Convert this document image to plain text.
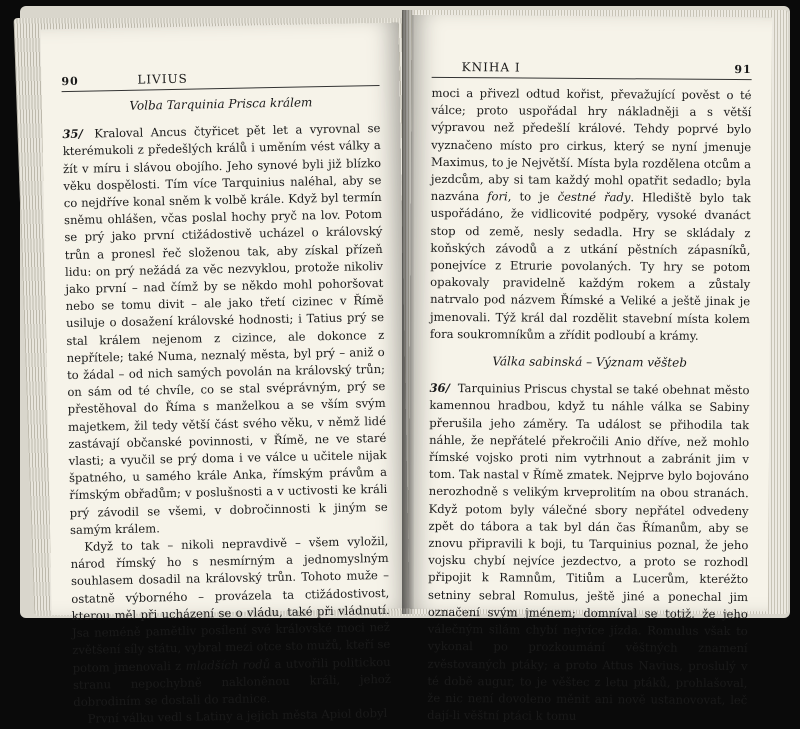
90	LIVIUS
Volba Tarquinia Prisca králem

35/ Kraloval Ancus čtyřicet pět let a vyrovnal se kterémukoli z předešlých králů i uměním vést války a žít v míru i slávou obojího. Jeho synové byli již blízko věku dospělosti. Tím více Tarquinius naléhal, aby se co nejdříve konal sněm k volbě krále. Když byl termín sněmu ohlášen, včas poslal hochy pryč na lov. Potom se prý jako první ctižádostivě ucházel o královský trůn a pronesl řeč složenou tak, aby získal přízeň lidu: on prý nežádá za věc nezvyklou, protože nikoliv jako první – nad čímž by se někdo mohl pohoršovat nebo se tomu divit – ale jako třetí cizinec v Římě usiluje o dosažení královské hodnosti; i Tatius prý se stal králem nejenom z cizince, ale dokonce z nepřítele; také Numa, neznalý města, byl prý – aniž o to žádal – od nich samých povolán na královský trůn; on sám od té chvíle, co se stal svéprávným, prý se přestěhoval do Říma s manželkou a se vším svým majetkem, žil tedy větší část svého věku, v němž lidé zastávají občanské povinnosti, v Římě, ne ve staré vlasti; a vyučil se prý doma i ve válce u učitele nijak špatného, u samého krále Anka, římským právům a římským obřadům; v poslušnosti a v uctivosti ke králi prý závodil se všemi, v dobročinnosti k jiným se samým králem.

Když to tak – nikoli nepravdivě – všem vyložil, národ římský ho s nesmírným a jednomyslným souhlasem dosadil na královský trůn. Tohoto muže – ostatně výborného – provázela ta ctižádostivost, kterou měl při ucházení se o vládu, také při vládnutí. Jsa neméně pamětliv posílení své královské moci než zvětšení síly státu, vybral mezi otce sto mužů, kteří se potom jmenovali z mladších rodů a utvořili politickou stranu nepochybně nakloněnou králi, jehož dobrodiním se dostali do radnice.

První válku vedl s Latiny a jejich města Apiol dobyl

KNIHA I	91

moci a přivezl odtud kořist, převažující pověst o té válce; proto uspořádal hry nákladněji a s větší výpravou než předešlí králové. Tehdy poprvé bylo vyznačeno místo pro cirkus, který se nyní jmenuje Maximus, to je Největší. Místa byla rozdělena otcům a jezdcům, aby si tam každý mohl opatřit sedadlo; byla nazvána fori, to je čestné řady. Hlediště bylo tak uspořádáno, že vidlicovité podpěry, vysoké dvanáct stop od země, nesly sedadla. Hry se skládaly z koňských závodů a z utkání pěstních zápasníků, ponejvíce z Etrurie povolaných. Ty hry se potom opakovaly pravidelně každým rokem a zůstaly natrvalo pod názvem Římské a Veliké a ještě jinak je jmenovali. Týž král dal rozdělit stavební místa kolem fora soukromníkům a zřídit podloubí a krámy.

Válka sabinská – Význam věšteb

36/ Tarquinius Priscus chystal se také obehnat město kamennou hradbou, když tu náhle válka se Sabiny přerušila jeho záměry. Ta událost se přihodila tak náhle, že nepřátelé překročili Anio dříve, než mohlo římské vojsko proti nim vytrhnout a zabránit jim v tom. Tak nastal v Římě zmatek. Nejprve bylo bojováno nerozhodně s velikým krveprolitím na obou stranách. Když potom byly válečné sbory nepřátel odvedeny zpět do tábora a tak byl dán čas Římanům, aby se znovu připravili k boji, tu Tarquinius poznal, že jeho vojsku chybí nejvíce jezdectvo, a proto se rozhodl připojit k Ramnům, Titiům a Lucerům, kteréžto setniny sebral Romulus, ještě jiné a ponechal jim označení svým jménem; domníval se totiž, že jeho válečným silám chybí nejvíce jízda. Romulus však to vykonal po prozkoumání věštných znamení zvěstovaných ptáky; a proto Attus Navius, proslulý v té době augur, to je věštec z letu ptáků, prohlašoval, že nic není dovoleno měnit ani nově ustanovovat, leč dají-li věštní ptáci k tomu
